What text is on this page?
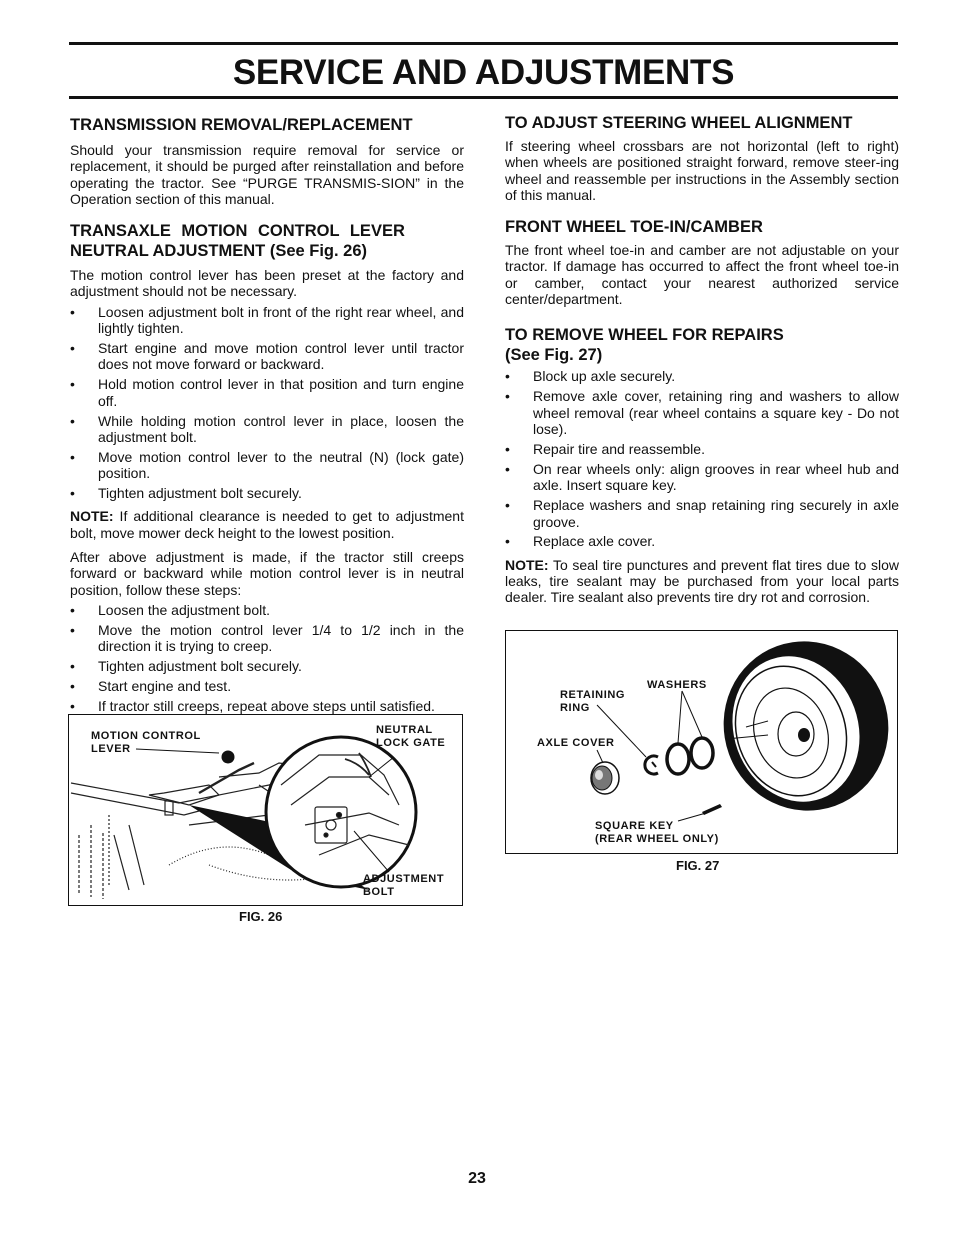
SERVICE AND ADJUSTMENTS
TRANSMISSION REMOVAL/REPLACEMENT

Should your transmission require removal for service or replacement, it should be purged after reinstallation and before operating the tractor. See “PURGE TRANSMIS-SION” in the Operation section of this manual.

TRANSAXLE MOTION CONTROL LEVER
NEUTRAL ADJUSTMENT (See Fig. 26)

The motion control lever has been preset at the factory and adjustment should not be necessary.

• Loosen adjustment bolt in front of the right rear wheel, and lightly tighten.
• Start engine and move motion control lever until tractor does not move forward or backward.
• Hold motion control lever in that position and turn engine off.
• While holding motion control lever in place, loosen the adjustment bolt.
• Move motion control lever to the neutral (N) (lock gate) position.
• Tighten adjustment bolt securely.

NOTE: If additional clearance is needed to get to adjustment bolt, move mower deck height to the lowest position.

After above adjustment is made, if the tractor still creeps forward or backward while motion control lever is in neutral position, follow these steps:

• Loosen the adjustment bolt.
• Move the motion control lever 1/4 to 1/2 inch in the direction it is trying to creep.
• Tighten adjustment bolt securely.
• Start engine and test.
• If tractor still creeps, repeat above steps until satisfied.
MOTION CONTROL
LEVER
NEUTRAL
LOCK GATE
ADJUSTMENT
BOLT
FIG. 26
TO ADJUST STEERING WHEEL ALIGNMENT

If steering wheel crossbars are not horizontal (left to right) when wheels are positioned straight forward, remove steer-ing wheel and reassemble per instructions in the Assembly section of this manual.

FRONT WHEEL TOE-IN/CAMBER

The front wheel toe-in and camber are not adjustable on your tractor. If damage has occurred to affect the front wheel toe-in or camber, contact your nearest authorized service center/department.

TO REMOVE WHEEL FOR REPAIRS
(See Fig. 27)
• Block up axle securely.
• Remove axle cover, retaining ring and washers to allow wheel removal (rear wheel contains a square key - Do not lose).
• Repair tire and reassemble.
• On rear wheels only: align grooves in rear wheel hub and axle. Insert square key.
• Replace washers and snap retaining ring securely in axle groove.
• Replace axle cover.

NOTE: To seal tire punctures and prevent flat tires due to slow leaks, tire sealant may be purchased from your local parts dealer. Tire sealant also prevents tire dry rot and corrosion.

RETAINING
RING
WASHERS
AXLE COVER
SQUARE KEY
(REAR WHEEL ONLY)
FIG. 27
23
